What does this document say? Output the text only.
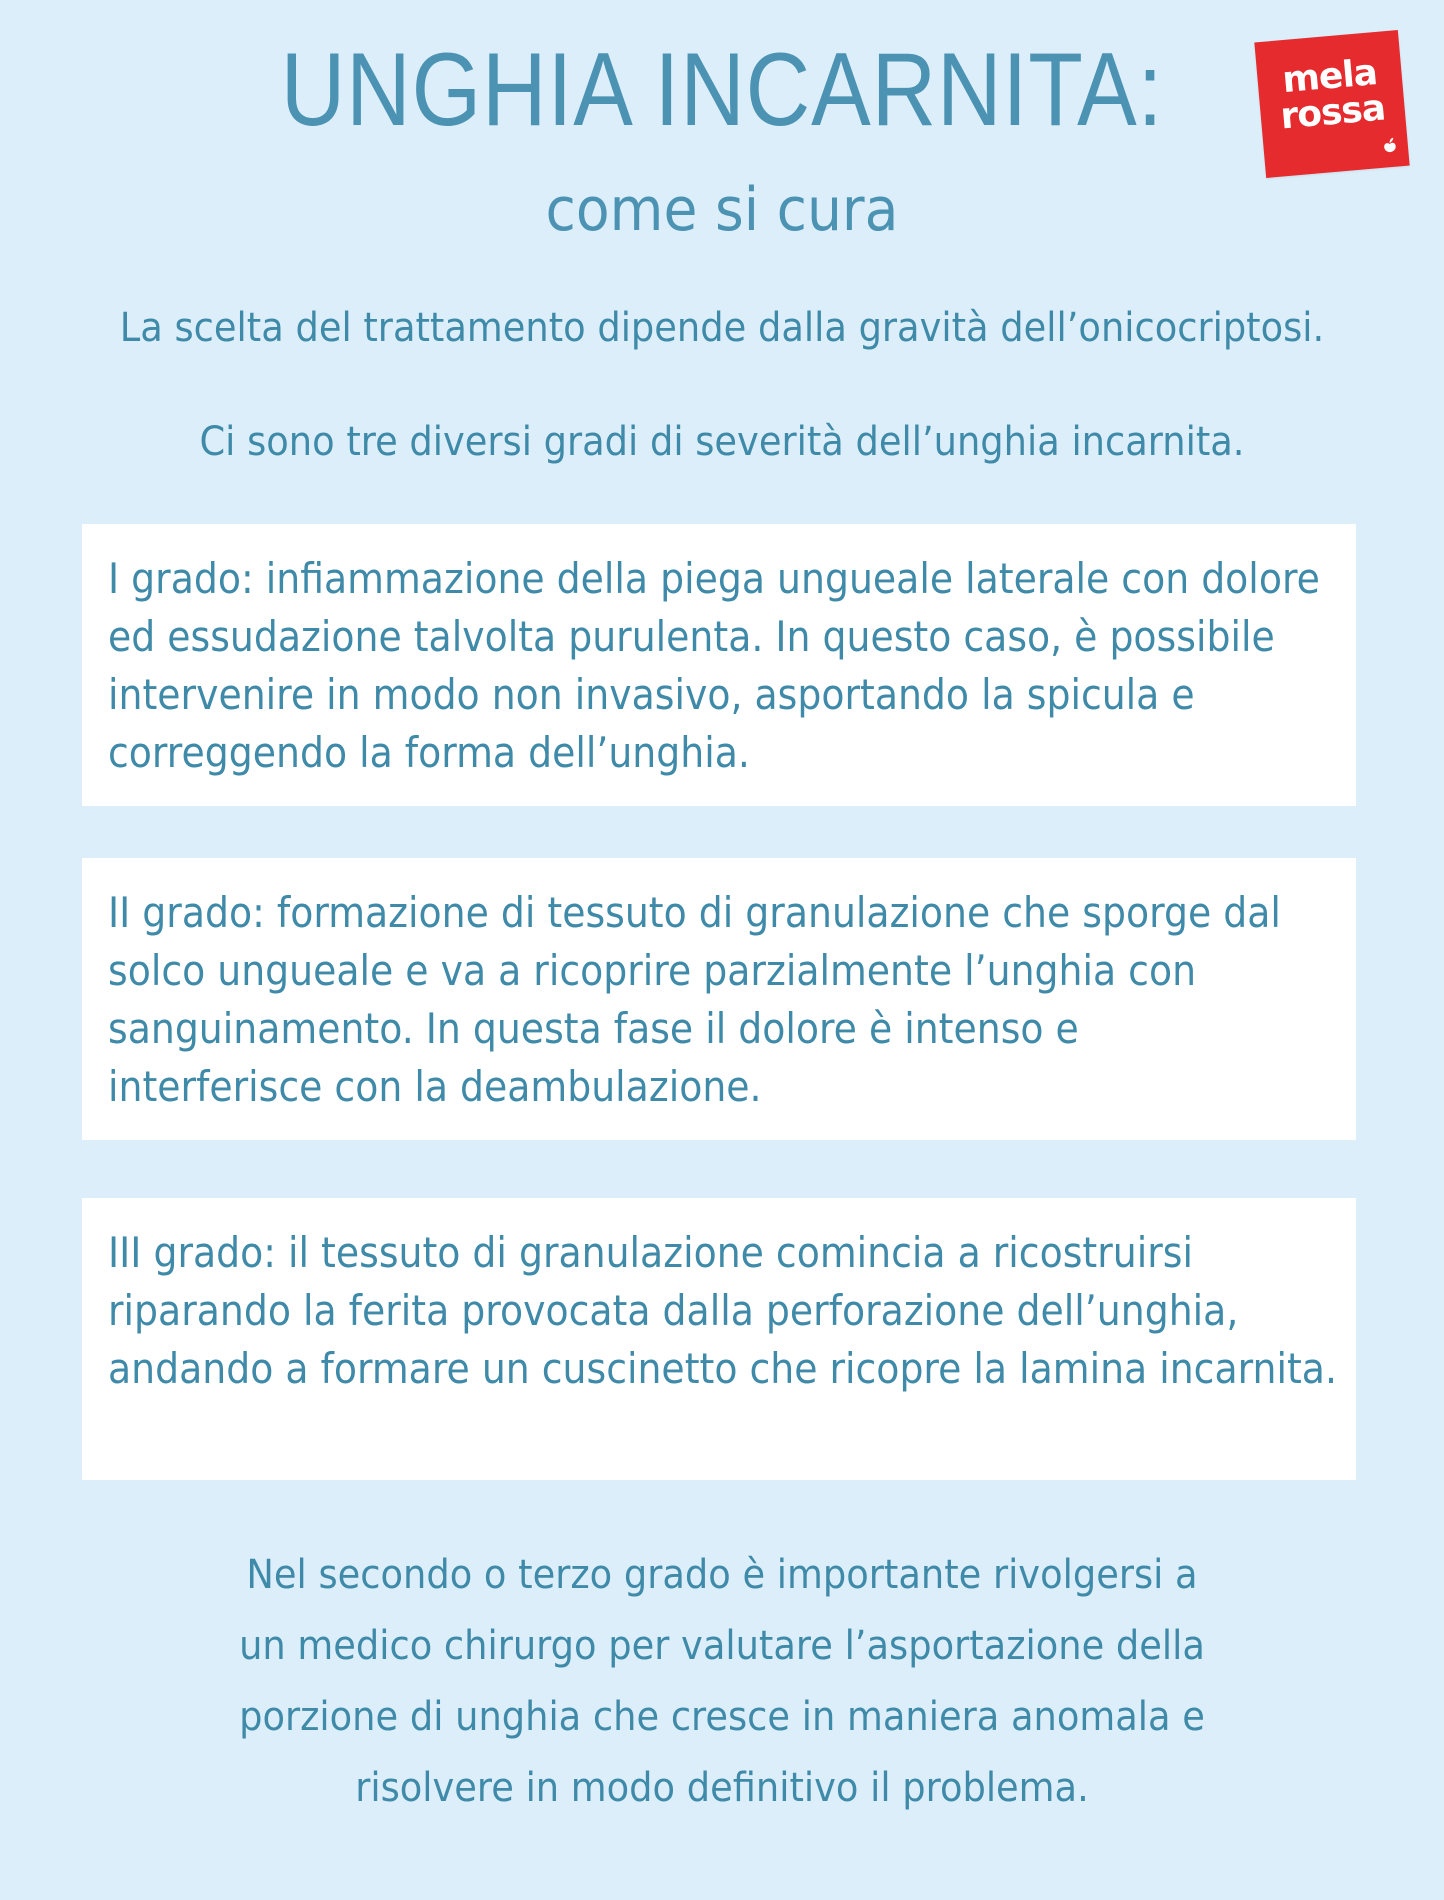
UNGHIA INCARNITA:
come si cura
mela
rossa

La scelta del trattamento dipende dalla gravità dell’onicocriptosi.

Ci sono tre diversi gradi di severità dell’unghia incarnita.

I grado: infiammazione della piega ungueale laterale con dolore
ed essudazione talvolta purulenta. In questo caso, è possibile
intervenire in modo non invasivo, asportando la spicula e
correggendo la forma dell’unghia.

II grado: formazione di tessuto di granulazione che sporge dal
solco ungueale e va a ricoprire parzialmente l’unghia con
sanguinamento. In questa fase il dolore è intenso e
interferisce con la deambulazione.

III grado: il tessuto di granulazione comincia a ricostruirsi
riparando la ferita provocata dalla perforazione dell’unghia,
andando a formare un cuscinetto che ricopre la lamina incarnita.

Nel secondo o terzo grado è importante rivolgersi a
un medico chirurgo per valutare l’asportazione della
porzione di unghia che cresce in maniera anomala e
risolvere in modo definitivo il problema.
